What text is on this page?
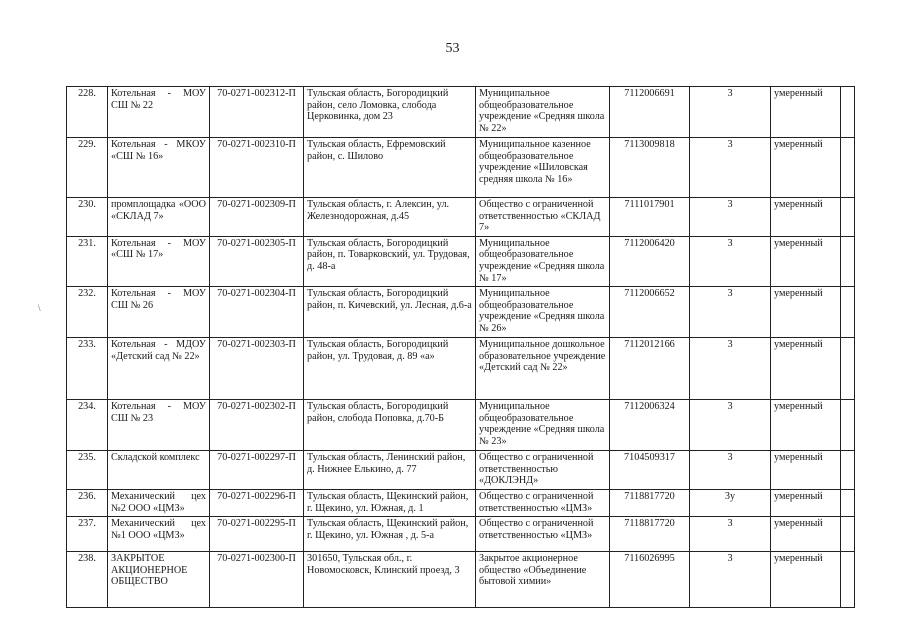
53
\
228.	Котельная - МОУ СШ № 22	70-0271-002312-П	Тульская область, Богородицкий район, село Ломовка, слобода Церковинка, дом 23	Муниципальное общеобразовательное учреждение «Средняя школа № 22»	7112006691	3	умеренный	
229.	Котельная - МКОУ «СШ № 16»	70-0271-002310-П	Тульская область, Ефремовский район, с. Шилово	Муниципальное казенное общеобразовательное учреждение «Шиловская средняя школа № 16»	7113009818	3	умеренный	
230.	промплощадка «ООО «СКЛАД 7»	70-0271-002309-П	Тульская область, г. Алексин, ул. Железнодорожная, д.45	Общество с ограниченной ответственностью «СКЛАД 7»	7111017901	3	умеренный	
231.	Котельная - МОУ «СШ № 17»	70-0271-002305-П	Тульская область, Богородицкий район, п. Товарковский, ул. Трудовая, д. 48-а	Муниципальное общеобразовательное учреждение «Средняя школа № 17»	7112006420	3	умеренный	
232.	Котельная - МОУ СШ № 26	70-0271-002304-П	Тульская область, Богородицкий район, п. Кичевский, ул. Лесная, д.6-а	Муниципальное общеобразовательное учреждение «Средняя школа № 26»	7112006652	3	умеренный	
233.	Котельная - МДОУ «Детский сад № 22»	70-0271-002303-П	Тульская область, Богородицкий район, ул. Трудовая, д. 89 «а»	Муниципальное дошкольное образовательное учреждение «Детский сад № 22»	7112012166	3	умеренный	
234.	Котельная - МОУ СШ № 23	70-0271-002302-П	Тульская область, Богородицкий район, слобода Поповка, д.70-Б	Муниципальное общеобразовательное учреждение «Средняя школа № 23»	7112006324	3	умеренный	
235.	Складской комплекс	70-0271-002297-П	Тульская область, Ленинский район, д. Нижнее Елькино, д. 77	Общество с ограниченной ответственностью «ДОКЛЭНД»	7104509317	3	умеренный	
236.	Механический цех №2 ООО «ЦМЗ»	70-0271-002296-П	Тульская область, Щекинский район, г. Щекино, ул. Южная, д. 1	Общество с ограниченной ответственностью «ЦМЗ»	7118817720	3у	умеренный	
237.	Механический цех №1 ООО «ЦМЗ»	70-0271-002295-П	Тульская область, Щекинский район, г. Щекино, ул. Южная , д. 5-а	Общество с ограниченной ответственностью «ЦМЗ»	7118817720	3	умеренный	
238.	ЗАКРЫТОЕ АКЦИОНЕРНОЕ ОБЩЕСТВО	70-0271-002300-П	301650, Тульская обл., г. Новомосковск, Клинский проезд, 3	Закрытое акционерное общество «Объединение бытовой химии»	7116026995	3	умеренный	
